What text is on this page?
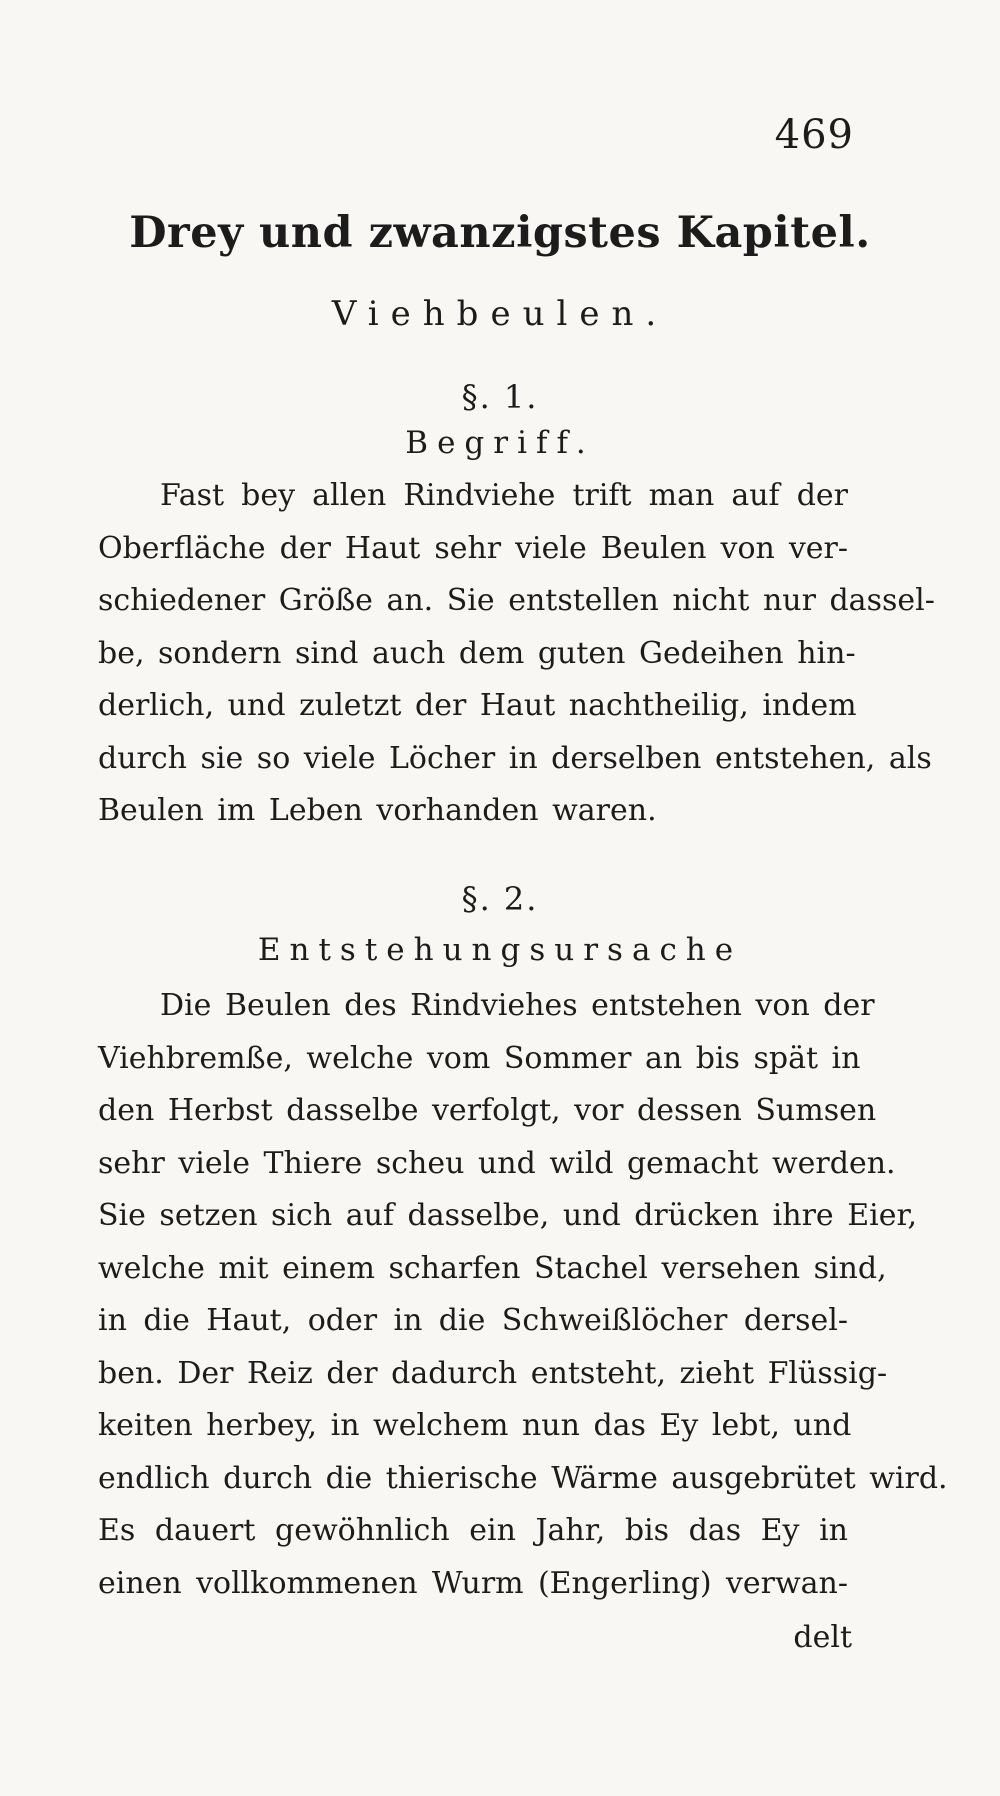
469
Drey und zwanzigstes Kapitel.
Viehbeulen.
§. 1.
Begriff.
Fast bey allen Rindviehe trift man auf der
Oberfläche der Haut sehr viele Beulen von ver-
schiedener Größe an. Sie entstellen nicht nur dassel-
be, sondern sind auch dem guten Gedeihen hin-
derlich, und zuletzt der Haut nachtheilig, indem
durch sie so viele Löcher in derselben entstehen, als
Beulen im Leben vorhanden waren.
§. 2.
Entstehungsursache
Die Beulen des Rindviehes entstehen von der
Viehbremße, welche vom Sommer an bis spät in
den Herbst dasselbe verfolgt, vor dessen Sumsen
sehr viele Thiere scheu und wild gemacht werden.
Sie setzen sich auf dasselbe, und drücken ihre Eier,
welche mit einem scharfen Stachel versehen sind,
in die Haut, oder in die Schweißlöcher dersel-
ben. Der Reiz der dadurch entsteht, zieht Flüssig-
keiten herbey, in welchem nun das Ey lebt, und
endlich durch die thierische Wärme ausgebrütet wird.
Es dauert gewöhnlich ein Jahr, bis das Ey in
einen vollkommenen Wurm (Engerling) verwan-
delt
